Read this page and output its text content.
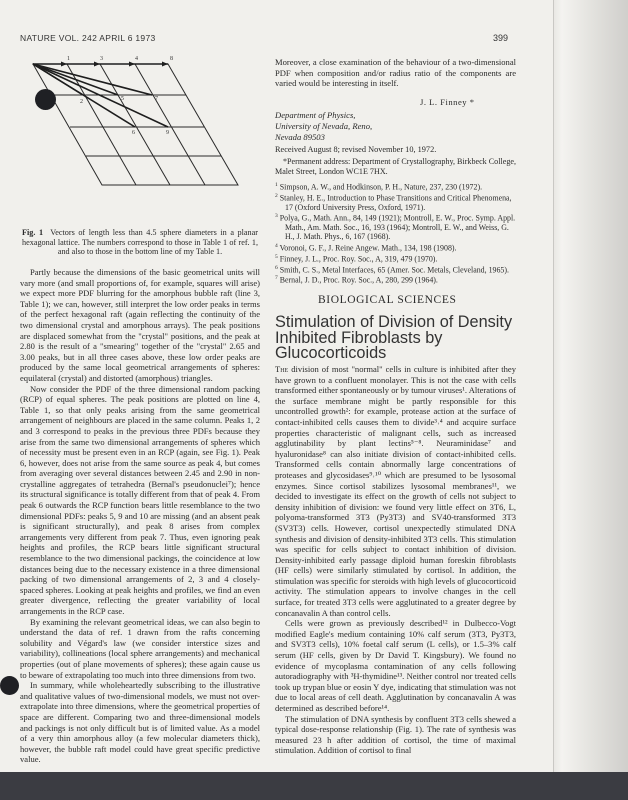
NATURE VOL. 242 APRIL 6 1973	399
1	3	4	8
2	5	7
6	9
Fig. 1 Vectors of length less than 4.5 sphere diameters in a planar hexagonal lattice. The numbers correspond to those in Table 1 of ref. 1, and also to those in the bottom line of my Table 1.

Partly because the dimensions of the basic geometrical units will vary more (and small proportions of, for example, squares will arise) we expect more PDF blurring for the amorphous bubble raft (line 3, Table 1); we can, however, still interpret the low order peaks in terms of the perfect hexagonal raft (again reflecting the continuity of the two dimensional crystal and amorphous arrays). The peak positions are displaced somewhat from the "crystal" positions, and the peak at 2.80 is the result of a "smearing" together of the "crystal" 2.65 and 3.00 peaks, but in all three cases above, these low order peaks are produced by the same local geometrical arrangements of spheres: equilateral (crystal) and distorted (amorphous) triangles.

Now consider the PDF of the three dimensional random packing (RCP) of equal spheres. The peak positions are plotted on line 4, Table 1, so that only peaks arising from the same geometrical arrangement of neighbours are placed in the same column. Peaks 1, 2 and 3 correspond to peaks in the previous three PDFs because they arise from the same two dimensional arrangements of spheres which of necessity must be present even in an RCP (again, see Fig. 1). Peak 6, however, does not arise from the same source as peak 4, but comes from averaging over several distances between 2.45 and 2.90 in non-crystalline aggregates of tetrahedra (Bernal's pseudonuclei⁷); hence its structural significance is totally different from that of peak 4. From peak 6 outwards the RCP function bears little resemblance to the two dimensional PDFs: peaks 5, 9 and 10 are missing (and an absent peak is significant structurally), and peak 8 arises from complex arrangements very different from peak 7. Thus, even ignoring peak heights and profiles, the RCP bears little significant structural resemblance to the two dimensional packings, the coincidence at low distances being due to the necessary existence in a three dimensional packing of two dimensional arrangements of 2, 3 and 4 closely-spaced spheres. Looking at peak heights and profiles, we find an even greater divergence, reflecting the greater variability of local arrangements in the RCP case.

By examining the relevant geometrical ideas, we can also begin to understand the data of ref. 1 drawn from the rafts concerning solubility and Végard's law (we consider interstice sizes and variability), collineations (local sphere arrangements) and mechanical properties (out of plane movements of spheres); these again cause us to beware of extrapolating too much into three dimensions from two.

In summary, while wholeheartedly subscribing to the illustrative and qualitative values of two-dimensional models, we must not over-extrapolate into three dimensions, where the geometrical properties of space are different. Comparing two and three-dimensional models and packings is not only difficult but is of limited value. As a model of a very thin amorphous alloy (a few molecular diameters thick), however, the bubble raft model could have great specific predictive value.

Moreover, a close examination of the behaviour of a two-dimensional PDF when composition and/or radius ratio of the components are varied would be interesting in itself.

J. L. Finney *
Department of Physics,
University of Nevada, Reno,
Nevada 89503
Received August 8; revised November 10, 1972.
*Permanent address: Department of Crystallography, Birkbeck College, Malet Street, London WC1E 7HX.
$^1$ Simpson, A. W., and Hodkinson, P. H., Nature, 237, 230 (1972).
$^2$ Stanley, H. E., Introduction to Phase Transitions and Critical Phenomena, 17 (Oxford University Press, Oxford, 1971).
$^3$ Polya, G., Math. Ann., 84, 149 (1921); Montroll, E. W., Proc. Symp. Appl. Math., Am. Math. Soc., 16, 193 (1964); Montroll, E. W., and Weiss, G. H., J. Math. Phys., 6, 167 (1968).
$^4$ Voronoi, G. F., J. Reine Angew. Math., 134, 198 (1908).
$^5$ Finney, J. L., Proc. Roy. Soc., A, 319, 479 (1970).
$^6$ Smith, C. S., Metal Interfaces, 65 (Amer. Soc. Metals, Cleveland, 1965).
$^7$ Bernal, J. D., Proc. Roy. Soc., A, 280, 299 (1964).
BIOLOGICAL SCIENCES
Stimulation of Division of Density Inhibited Fibroblasts by Glucocorticoids

The division of most "normal" cells in culture is inhibited after they have grown to a confluent monolayer. This is not the case with cells transformed either spontaneously or by tumour viruses¹. Alterations of the surface membrane might be partly responsible for this uncontrolled growth²: for example, protease action at the surface of contact-inhibited cells causes them to divide³˒⁴ and acquire surface properties characteristic of malignant cells, such as increased agglutinability by plant lectins⁵⁻⁸. Neuraminidase⁷ and hyaluronidase⁸ can also initiate division of contact-inhibited cells. Transformed cells contain abnormally large concentrations of proteases and glycosidases⁹˒¹⁰ which are presumed to be lysosomal enzymes. Since cortisol stabilizes lysosomal membranes¹¹, we decided to investigate its effect on the growth of cells not subject to density inhibition of division: we found very little effect on 3T6, L, polyoma-transformed 3T3 (Py3T3) and SV40-transformed 3T3 (SV3T3) cells. However, cortisol unexpectedly stimulated DNA synthesis and division of density-inhibited 3T3 cells. This stimulation was specific for cells subject to contact inhibition of division. Density-inhibited early passage diploid human foreskin fibroblasts (HF cells) were similarly stimulated by cortisol. In addition, the stimulation was specific for steroids with high levels of glucocorticoid activity. The stimulation appears to involve changes in the cell surface, for treated 3T3 cells were agglutinated to a greater degree by concanavalin A than control cells.

Cells were grown as previously described¹² in Dulbecco-Vogt modified Eagle's medium containing 10% calf serum (3T3, Py3T3, and SV3T3 cells), 10% foetal calf serum (L cells), or 1.5–3% calf serum (HF cells, given by Dr David T. Kingsbury). We found no evidence of mycoplasma contamination of any cells following autoradiography with ³H-thymidine¹³. Neither control nor treated cells took up trypan blue or eosin Y dye, indicating that stimulation was not due to local areas of cell death. Agglutination by concanavalin A was determined as described before¹⁴.

The stimulation of DNA synthesis by confluent 3T3 cells shewed a typical dose-response relationship (Fig. 1). The rate of synthesis was measured 23 h after addition of cortisol, the time of maximal stimulation. Addition of cortisol to final
